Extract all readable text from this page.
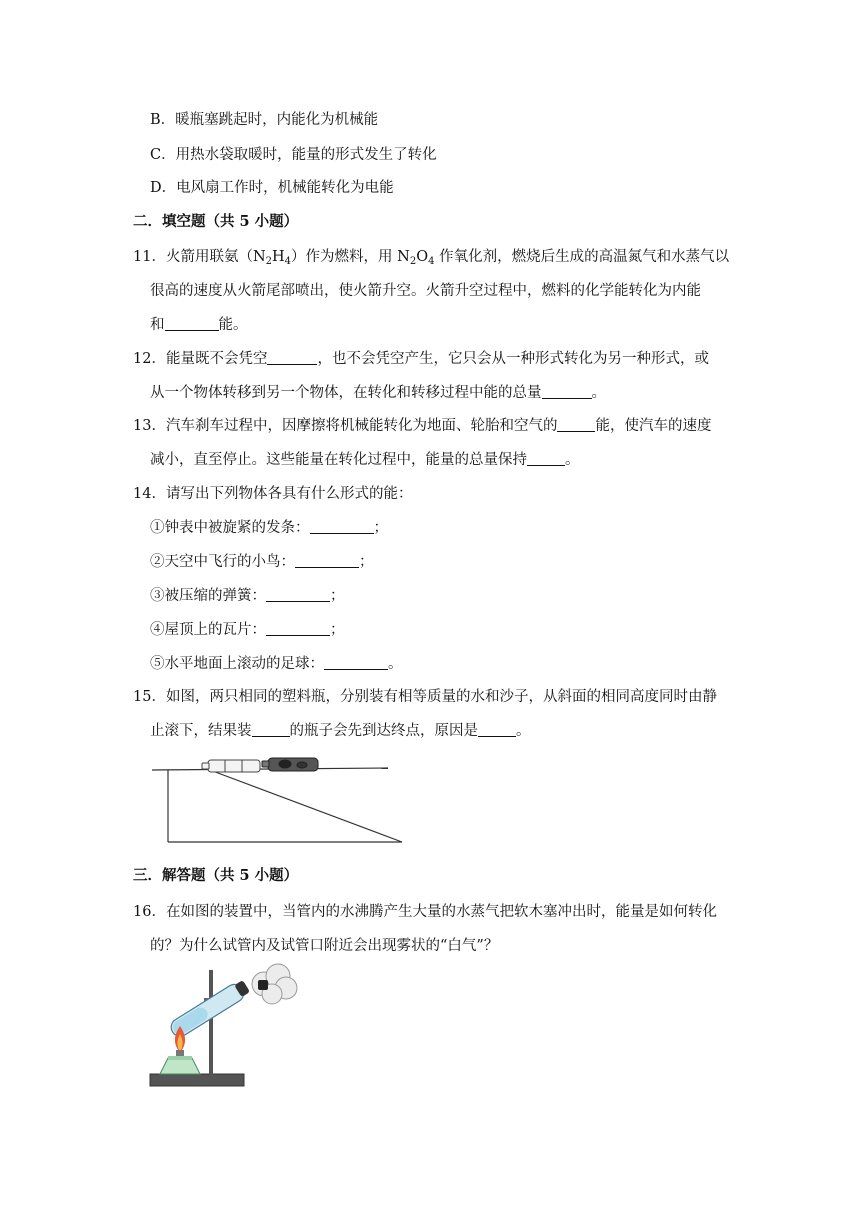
B．暖瓶塞跳起时，内能化为机械能
C．用热水袋取暖时，能量的形式发生了转化
D．电风扇工作时，机械能转化为电能
二．填空题（共 5 小题）
11．火箭用联氨$(N_2H_4)$作为燃料，用 $N_2O_4$ 作氧化剂，燃烧后生成的高温氮气和水蒸气以
很高的速度从火箭尾部喷出，使火箭升空。火箭升空过程中，燃料的化学能转化为内能
和	能。
12．能量既不会凭空	，也不会凭空产生，它只会从一种形式转化为另一种形式，或
从一个物体转移到另一个物体，在转化和转移过程中能的总量	。
13．汽车刹车过程中，因摩擦将机械能转化为地面、轮胎和空气的	能，使汽车的速度
减小，直至停止。这些能量在转化过程中，能量的总量保持	。
14．请写出下列物体各具有什么形式的能：
①钟表中被旋紧的发条：	；
②天空中飞行的小鸟：	；
③被压缩的弹簧：	；
④屋顶上的瓦片：	；
⑤水平地面上滚动的足球：	。
15．如图，两只相同的塑料瓶，分别装有相等质量的水和沙子，从斜面的相同高度同时由静
止滚下，结果装	的瓶子会先到达终点，原因是	。
三．解答题（共 5 小题）
16．在如图的装置中，当管内的水沸腾产生大量的水蒸气把软木塞冲出时，能量是如何转化
的？为什么试管内及试管口附近会出现雾状的“白气”？
